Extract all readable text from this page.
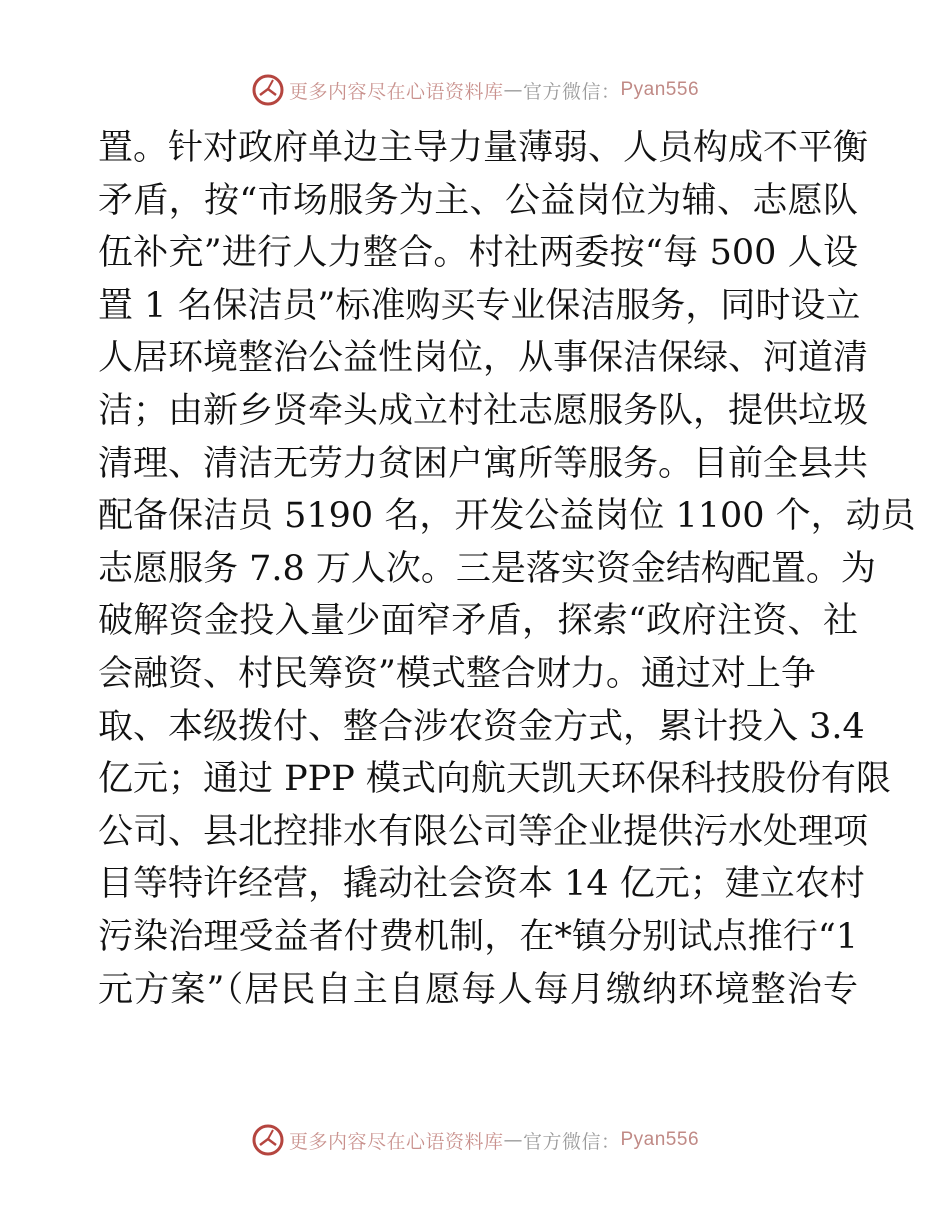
更多内容尽在心语资料库 — 官方微信： Pyan556
置。针对政府单边主导力量薄弱、人员构成不平衡
矛盾，按“市场服务为主、公益岗位为辅、志愿队
伍补充”进行人力整合。村社两委按“每 500 人设
置 1 名保洁员”标准购买专业保洁服务，同时设立
人居环境整治公益性岗位，从事保洁保绿、河道清
洁；由新乡贤牵头成立村社志愿服务队，提供垃圾
清理、清洁无劳力贫困户寓所等服务。目前全县共
配备保洁员 5190 名，开发公益岗位 1100 个，动员
志愿服务 7.8 万人次。三是落实资金结构配置。为
破解资金投入量少面窄矛盾，探索“政府注资、社
会融资、村民筹资”模式整合财力。通过对上争
取、本级拨付、整合涉农资金方式，累计投入 3.4
亿元；通过 PPP 模式向航天凯天环保科技股份有限
公司、县北控排水有限公司等企业提供污水处理项
目等特许经营，撬动社会资本 14 亿元；建立农村
污染治理受益者付费机制，在*镇分别试点推行“1
元方案”（居民自主自愿每人每月缴纳环境整治专
更多内容尽在心语资料库 — 官方微信： Pyan556
